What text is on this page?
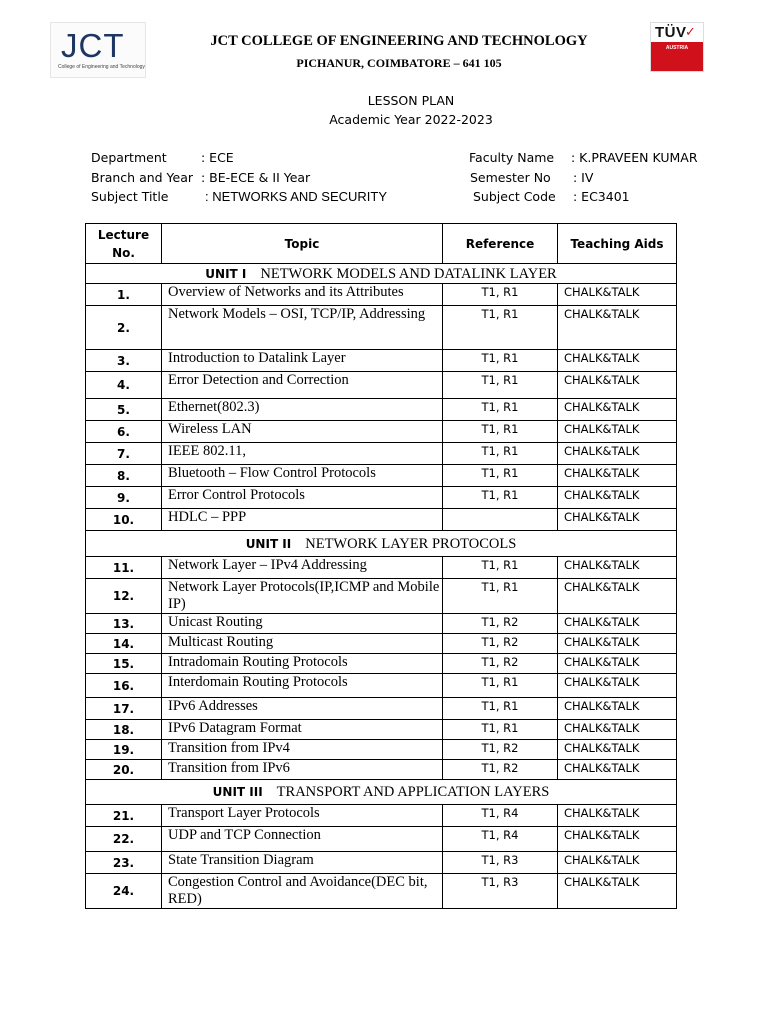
JCT
College of Engineering and Technology
TÜV
✓
AUSTRIA
JCT COLLEGE OF ENGINEERING AND TECHNOLOGY
PICHANUR, COIMBATORE – 641 105
LESSON PLAN
Academic Year 2022-2023
Department	: ECE
Branch and Year : BE-ECE & II Year
Subject Title	: NETWORKS AND SECURITY
Faculty Name : K.PRAVEEN KUMAR
Semester No : IV
Subject Code : EC3401
Lecture No.	Topic	Reference	Teaching Aids
UNIT I NETWORK MODELS AND DATALINK LAYER			
1.	Overview of Networks and its Attributes	T1, R1	CHALK&TALK
2.	Network Models – OSI, TCP/IP, Addressing	T1, R1	CHALK&TALK
3.	Introduction to Datalink Layer	T1, R1	CHALK&TALK
4.	Error Detection and Correction	T1, R1	CHALK&TALK
5.	Ethernet(802.3)	T1, R1	CHALK&TALK
6.	Wireless LAN	T1, R1	CHALK&TALK
7.	IEEE 802.11,	T1, R1	CHALK&TALK
8.	Bluetooth – Flow Control Protocols	T1, R1	CHALK&TALK
9.	Error Control Protocols	T1, R1	CHALK&TALK
10.	HDLC – PPP		CHALK&TALK
UNIT II NETWORK LAYER PROTOCOLS			
11.	Network Layer – IPv4 Addressing	T1, R1	CHALK&TALK
12.	Network Layer Protocols(IP,ICMP and Mobile IP)	T1, R1	CHALK&TALK
13.	Unicast Routing	T1, R2	CHALK&TALK
14.	Multicast Routing	T1, R2	CHALK&TALK
15.	Intradomain Routing Protocols	T1, R2	CHALK&TALK
16.	Interdomain Routing Protocols	T1, R1	CHALK&TALK
17.	IPv6 Addresses	T1, R1	CHALK&TALK
18.	IPv6 Datagram Format	T1, R1	CHALK&TALK
19.	Transition from IPv4	T1, R2	CHALK&TALK
20.	Transition from IPv6	T1, R2	CHALK&TALK
UNIT III TRANSPORT AND APPLICATION LAYERS			
21.	Transport Layer Protocols	T1, R4	CHALK&TALK
22.	UDP and TCP Connection	T1, R4	CHALK&TALK
23.	State Transition Diagram	T1, R3	CHALK&TALK
24.	Congestion Control and Avoidance(DEC bit, RED)	T1, R3	CHALK&TALK
